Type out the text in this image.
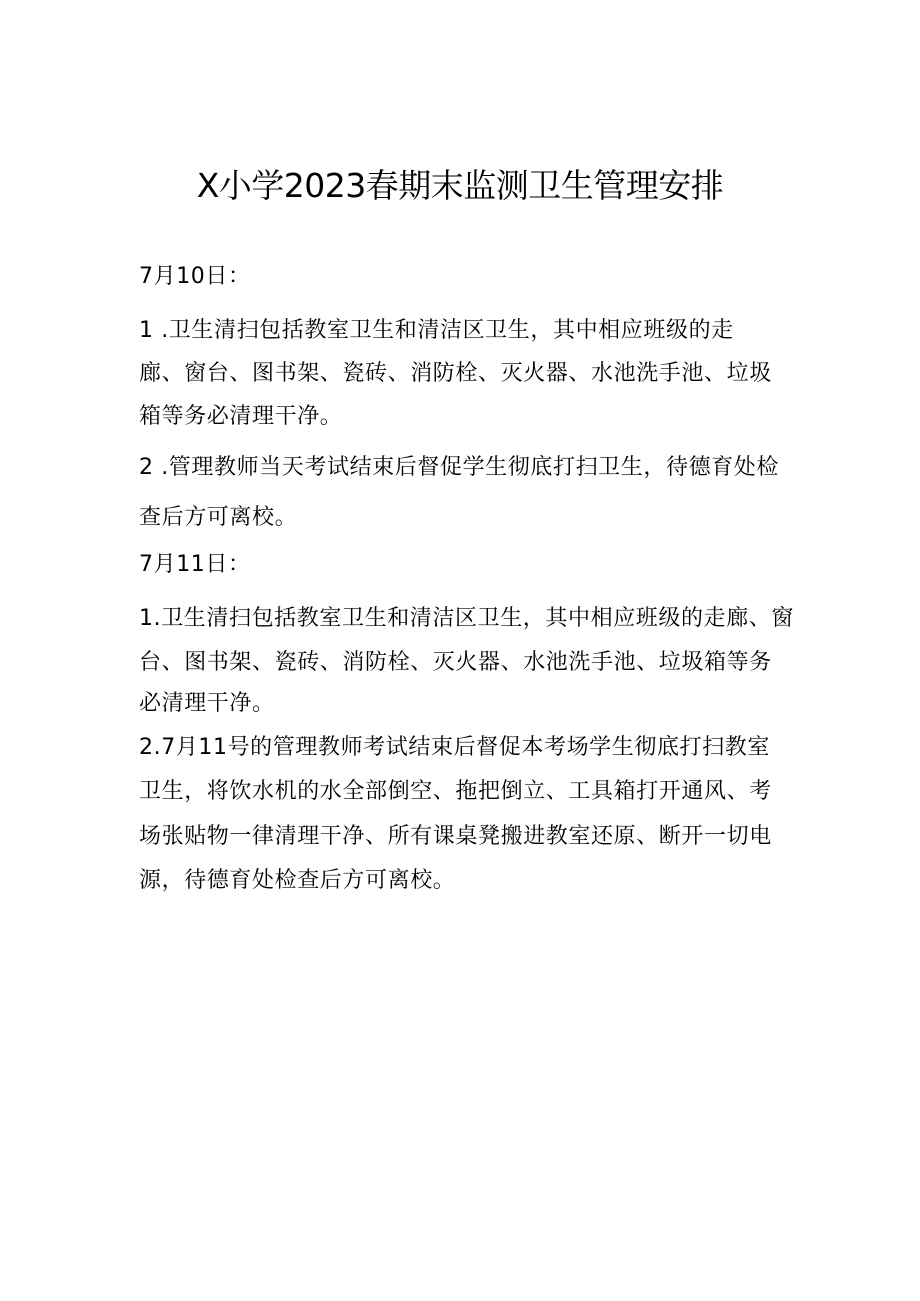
X小学2023春期末监测卫生管理安排
7月10日：
1 .卫生清扫包括教室卫生和清洁区卫生，其中相应班级的走
廊、窗台、图书架、瓷砖、消防栓、灭火器、水池洗手池、垃圾
箱等务必清理干净。
2 .管理教师当天考试结束后督促学生彻底打扫卫生，待德育处检
查后方可离校。
7月11日：
1.卫生清扫包括教室卫生和清洁区卫生，其中相应班级的走廊、窗
台、图书架、瓷砖、消防栓、灭火器、水池洗手池、垃圾箱等务
必清理干净。
2.7月11号的管理教师考试结束后督促本考场学生彻底打扫教室
卫生，将饮水机的水全部倒空、拖把倒立、工具箱打开通风、考
场张贴物一律清理干净、所有课桌凳搬进教室还原、断开一切电
源，待德育处检查后方可离校。
